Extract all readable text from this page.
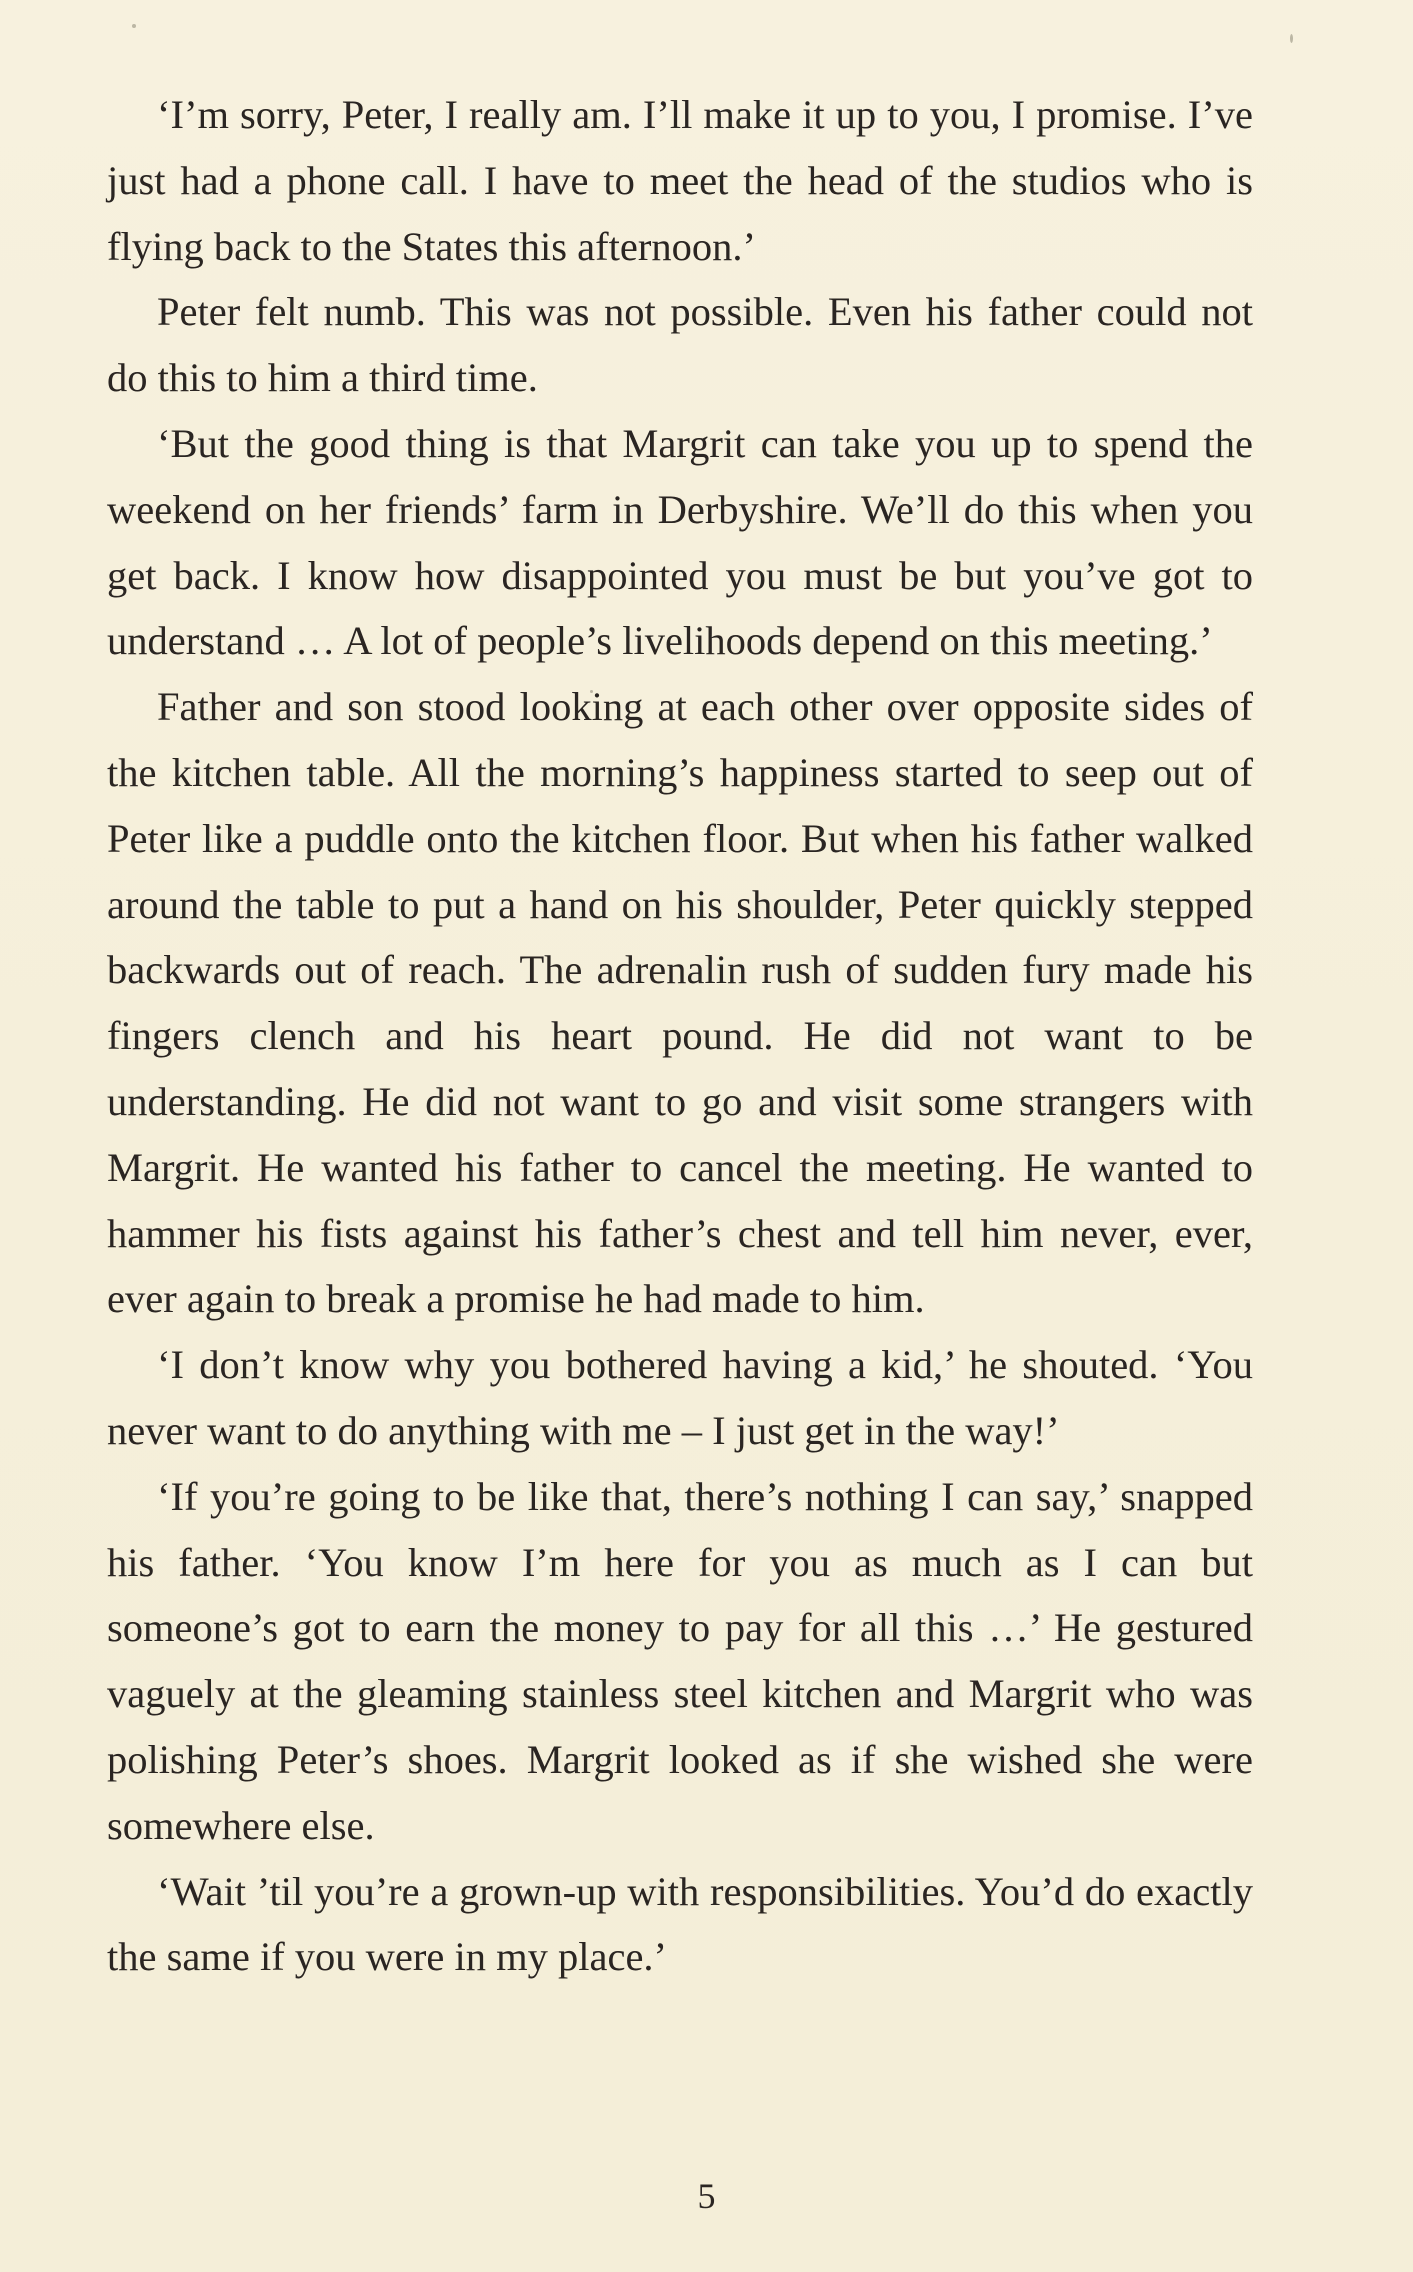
‘I’m sorry, Peter, I really am. I’ll make it up to you, I promise. I’ve just had a phone call. I have to meet the head of the studios who is flying back to the States this afternoon.’

Peter felt numb. This was not possible. Even his father could not do this to him a third time.

‘But the good thing is that Margrit can take you up to spend the weekend on her friends’ farm in Derbyshire. We’ll do this when you get back. I know how disappointed you must be but you’ve got to understand … A lot of people’s livelihoods depend on this meeting.’

Father and son stood looking at each other over opposite sides of the kitchen table. All the morning’s happiness started to seep out of Peter like a puddle onto the kitchen floor. But when his father walked around the table to put a hand on his shoulder, Peter quickly stepped backwards out of reach. The adrenalin rush of sudden fury made his fingers clench and his heart pound. He did not want to be understanding. He did not want to go and visit some strangers with Margrit. He wanted his father to cancel the meeting. He wanted to hammer his fists against his father’s chest and tell him never, ever, ever again to break a promise he had made to him.

‘I don’t know why you bothered having a kid,’ he shouted. ‘You never want to do anything with me – I just get in the way!’

‘If you’re going to be like that, there’s nothing I can say,’ snapped his father. ‘You know I’m here for you as much as I can but someone’s got to earn the money to pay for all this …’ He gestured vaguely at the gleaming stainless steel kitchen and Margrit who was polishing Peter’s shoes. Margrit looked as if she wished she were somewhere else.

‘Wait ’til you’re a grown-up with responsibilities. You’d do exactly the same if you were in my place.’

5
